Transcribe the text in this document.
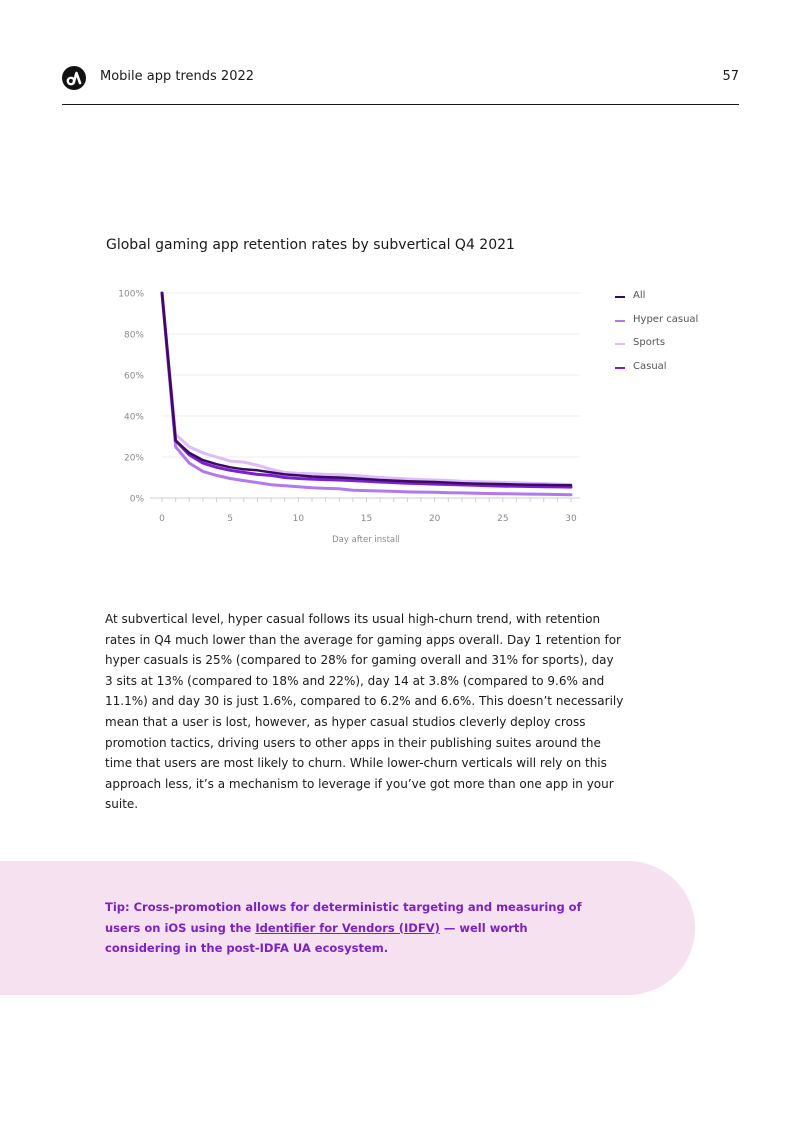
Mobile app trends 2022	57
Global gaming app retention rates by subvertical Q4 2021
0%
20%
40%
60%
80%
100%
0	5	10	15	20	25	30
Day after install
All
Hyper casual
Sports
Casual
At subvertical level, hyper casual follows its usual high-churn trend, with retention rates in Q4 much lower than the average for gaming apps overall. Day 1 retention for hyper casuals is 25% (compared to 28% for gaming overall and 31% for sports), day 3 sits at 13% (compared to 18% and 22%), day 14 at 3.8% (compared to 9.6% and 11.1%) and day 30 is just 1.6%, compared to 6.2% and 6.6%. This doesn’t necessarily mean that a user is lost, however, as hyper casual studios cleverly deploy cross promotion tactics, driving users to other apps in their publishing suites around the time that users are most likely to churn. While lower-churn verticals will rely on this approach less, it’s a mechanism to leverage if you’ve got more than one app in your suite.
Tip: Cross-promotion allows for deterministic targeting and measuring of users on iOS using the Identifier for Vendors (IDFV) — well worth considering in the post-IDFA UA ecosystem.
